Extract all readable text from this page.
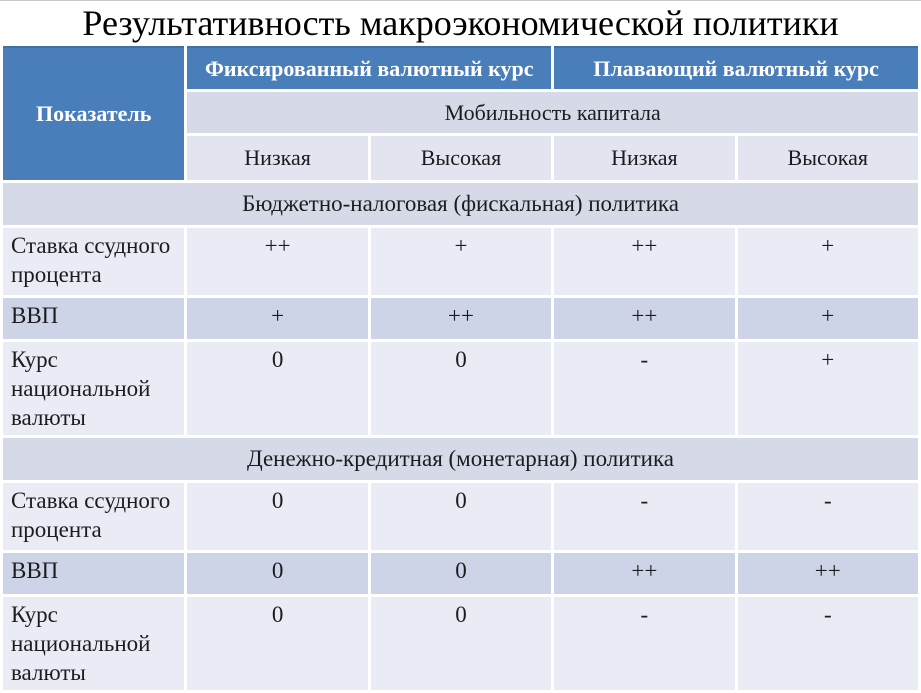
Результативность макроэкономической политики
Показатель	Фиксированный валютный курс		Плавающий валютный курс	
	Мобильность капитала			
	Низкая	Высокая	Низкая	Высокая
Бюджетно-налоговая (фискальная) политика				
Ставка ссудного процента	++	+	++	+
ВВП	+	++	++	+
Курс национальной валюты	0	0	-	+
Денежно-кредитная (монетарная) политика				
Ставка ссудного процента	0	0	-	-
ВВП	0	0	++	++
Курс национальной валюты	0	0	-	-
